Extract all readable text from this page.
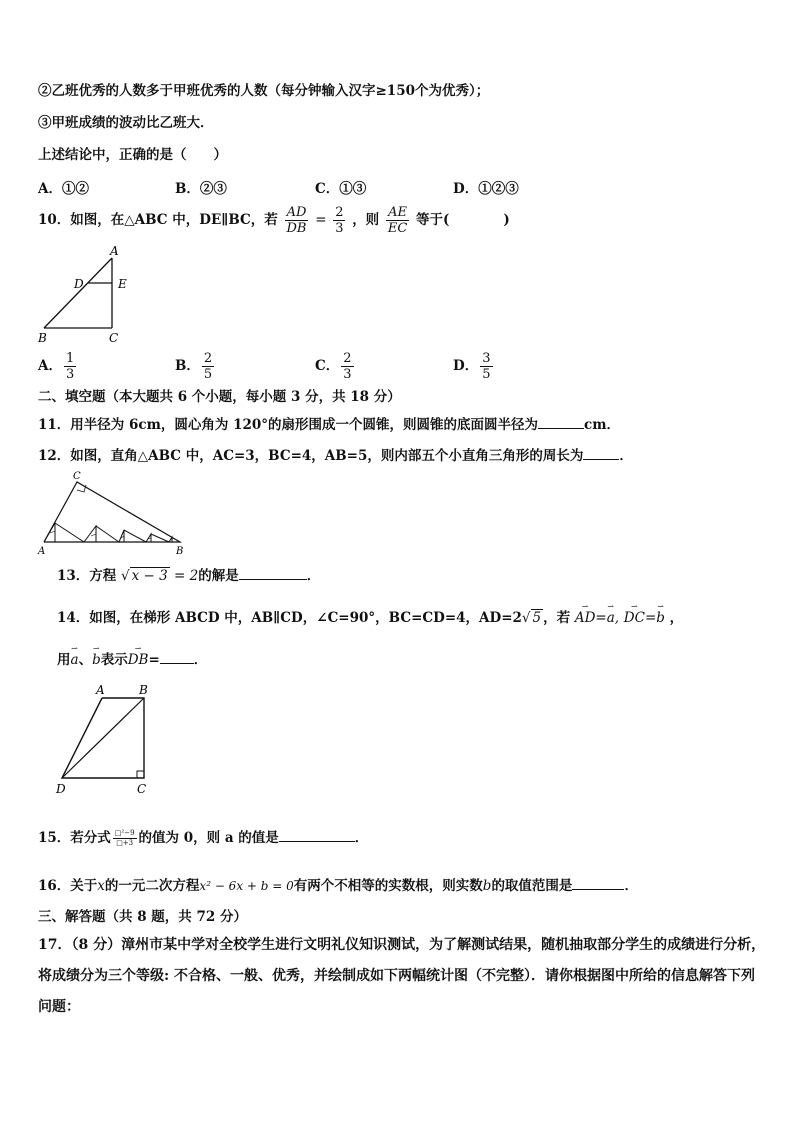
②乙班优秀的人数多于甲班优秀的人数（每分钟输入汉字≥150个为优秀）；
③甲班成绩的波动比乙班大．
上述结论中，正确的是（　　）
A．①②	B．②③	C．①③	D．①②③
10．如图，在△ABC 中，DE∥BC，若 $\frac{AD}{DB} = \frac{2}{3}$ ，则 $\frac{AE}{EC}$ 等于(　　　　)
A
D	E
B	C
A． $\frac{1}{3}$	B． $\frac{2}{5}$	C． $\frac{2}{3}$	D． $\frac{3}{5}$
二、填空题（本大题共 6 个小题，每小题 3 分，共 18 分）
11．用半径为 6cm，圆心角为 120°的扇形围成一个圆锥，则圆锥的底面圆半径为	cm．
12．如图，直角△ABC 中，AC=3，BC=4，AB=5，则内部五个小直角三角形的周长为	．
C
A	B
13．方程 √ x − 3 = 2的解是	．
14．如图，在梯形 ABCD 中，AB∥CD，∠C=90°，BC=CD=4，AD=2√ 5 ，若
⇀
AD=
⇀
a,
⇀
DC=
⇀
b ，
用
⇀
a、
⇀
b表示
⇀
DB=	．
A	B
D	C
15．若分式 $\frac{\text{□²−9}}{□+3}$ 的值为 0，则 a 的值是	．
16．关于x的一元二次方程x² − 6x + b = 0有两个不相等的实数根，则实数b的取值范围是	．
三、解答题（共 8 题，共 72 分）
17．（8 分）漳州市某中学对全校学生进行文明礼仪知识测试，为了解测试结果，随机抽取部分学生的成绩进行分析，
将成绩分为三个等级: 不合格、一般、优秀，并绘制成如下两幅统计图（不完整）．请你根据图中所给的信息解答下列
问题：
